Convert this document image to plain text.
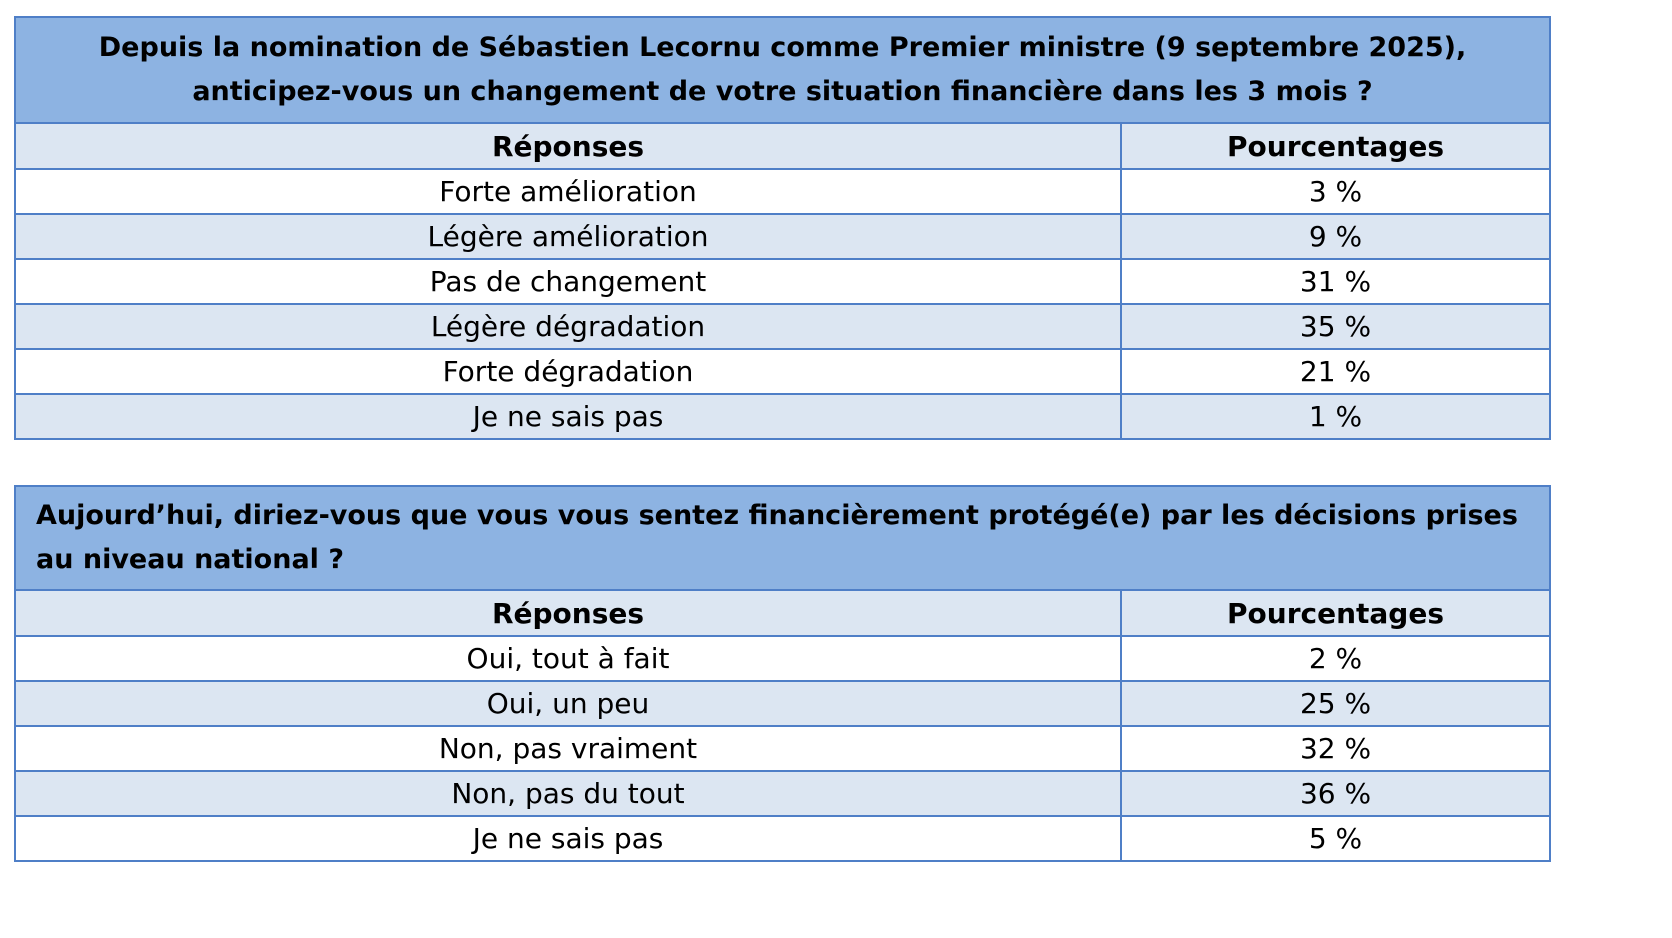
Depuis la nomination de Sébastien Lecornu comme Premier ministre (9 septembre 2025),
anticipez-vous un changement de votre situation financière dans les 3 mois ?	

Réponses	Pourcentages
Forte amélioration	3 %
Légère amélioration	9 %
Pas de changement	31 %
Légère dégradation	35 %
Forte dégradation	21 %
Je ne sais pas	1 %
Aujourd’hui, diriez-vous que vous vous sentez financièrement protégé(e) par les décisions prises
au niveau national ?	

Réponses	Pourcentages
Oui, tout à fait	2 %
Oui, un peu	25 %
Non, pas vraiment	32 %
Non, pas du tout	36 %
Je ne sais pas	5 %
